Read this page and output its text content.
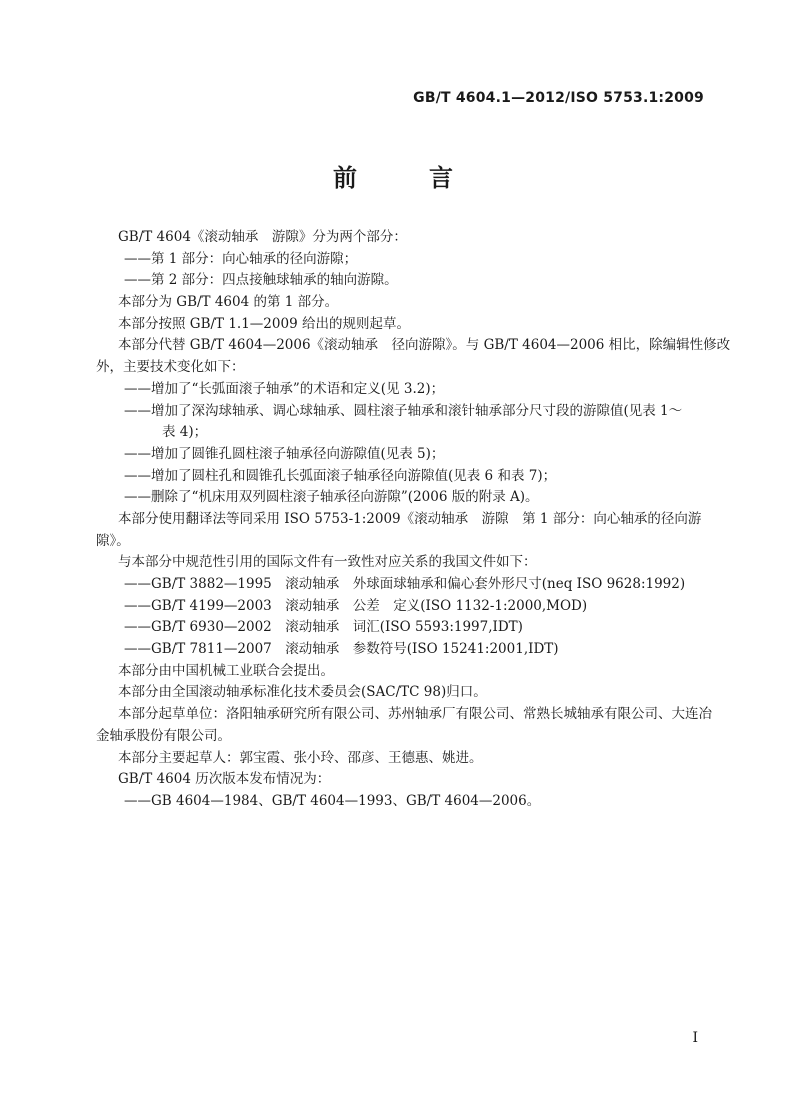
GB/T 4604.1—2012/ISO 5753.1:2009
前　言
GB/T 4604《滚动轴承　游隙》分为两个部分：
——第 1 部分：向心轴承的径向游隙；
——第 2 部分：四点接触球轴承的轴向游隙。
本部分为 GB/T 4604 的第 1 部分。
本部分按照 GB/T 1.1—2009 给出的规则起草。
本部分代替 GB/T 4604—2006《滚动轴承　径向游隙》。与 GB/T 4604—2006 相比，除编辑性修改
外，主要技术变化如下：
——增加了“长弧面滚子轴承”的术语和定义(见 3.2)；
——增加了深沟球轴承、调心球轴承、圆柱滚子轴承和滚针轴承部分尺寸段的游隙值(见表 1～
表 4)；
——增加了圆锥孔圆柱滚子轴承径向游隙值(见表 5)；
——增加了圆柱孔和圆锥孔长弧面滚子轴承径向游隙值(见表 6 和表 7)；
——删除了“机床用双列圆柱滚子轴承径向游隙”(2006 版的附录 A)。
本部分使用翻译法等同采用 ISO 5753-1:2009《滚动轴承　游隙　第 1 部分：向心轴承的径向游
隙》。
与本部分中规范性引用的国际文件有一致性对应关系的我国文件如下：
——GB/T 3882—1995　滚动轴承　外球面球轴承和偏心套外形尺寸(neq ISO 9628:1992)
——GB/T 4199—2003　滚动轴承　公差　定义(ISO 1132-1:2000,MOD)
——GB/T 6930—2002　滚动轴承　词汇(ISO 5593:1997,IDT)
——GB/T 7811—2007　滚动轴承　参数符号(ISO 15241:2001,IDT)
本部分由中国机械工业联合会提出。
本部分由全国滚动轴承标准化技术委员会(SAC/TC 98)归口。
本部分起草单位：洛阳轴承研究所有限公司、苏州轴承厂有限公司、常熟长城轴承有限公司、大连冶
金轴承股份有限公司。
本部分主要起草人：郭宝霞、张小玲、邵彦、王德惠、姚进。
GB/T 4604 历次版本发布情况为：
——GB 4604—1984、GB/T 4604—1993、GB/T 4604—2006。
I
